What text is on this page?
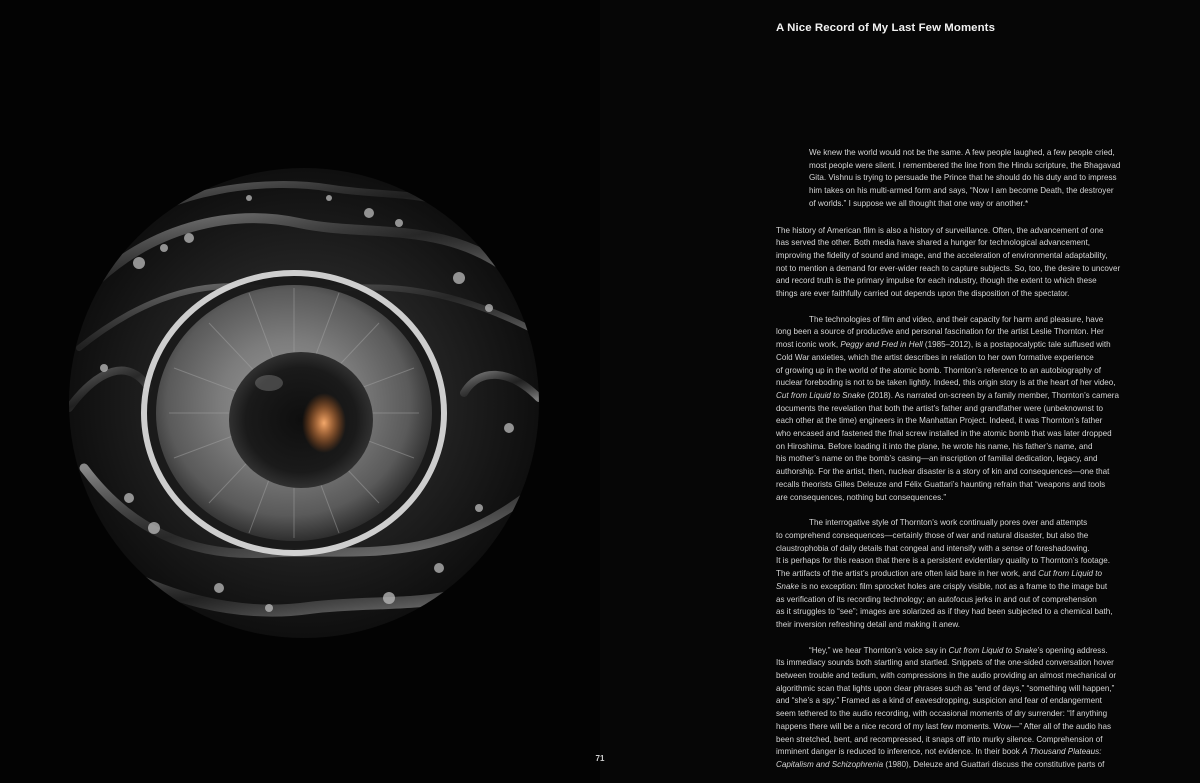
71
A Nice Record of My Last Few Moments

We knew the world would not be the same. A few people laughed, a few people cried,
most people were silent. I remembered the line from the Hindu scripture, the Bhagavad
Gita. Vishnu is trying to persuade the Prince that he should do his duty and to impress
him takes on his multi-armed form and says, “Now I am become Death, the destroyer
of worlds.” I suppose we all thought that one way or another.*

The history of American film is also a history of surveillance. Often, the advancement of one
has served the other. Both media have shared a hunger for technological advancement,
improving the fidelity of sound and image, and the acceleration of environmental adaptability,
not to mention a demand for ever-wider reach to capture subjects. So, too, the desire to uncover
and record truth is the primary impulse for each industry, though the extent to which these
things are ever faithfully carried out depends upon the disposition of the spectator.

The technologies of film and video, and their capacity for harm and pleasure, have
long been a source of productive and personal fascination for the artist Leslie Thornton. Her
most iconic work, Peggy and Fred in Hell (1985–2012), is a postapocalyptic tale suffused with
Cold War anxieties, which the artist describes in relation to her own formative experience
of growing up in the world of the atomic bomb. Thornton’s reference to an autobiography of
nuclear foreboding is not to be taken lightly. Indeed, this origin story is at the heart of her video,
Cut from Liquid to Snake (2018). As narrated on-screen by a family member, Thornton’s camera
documents the revelation that both the artist’s father and grandfather were (unbeknownst to
each other at the time) engineers in the Manhattan Project. Indeed, it was Thornton’s father
who encased and fastened the final screw installed in the atomic bomb that was later dropped
on Hiroshima. Before loading it into the plane, he wrote his name, his father’s name, and
his mother’s name on the bomb’s casing—an inscription of familial dedication, legacy, and
authorship. For the artist, then, nuclear disaster is a story of kin and consequences—one that
recalls theorists Gilles Deleuze and Félix Guattari’s haunting refrain that “weapons and tools
are consequences, nothing but consequences.”

The interrogative style of Thornton’s work continually pores over and attempts
to comprehend consequences—certainly those of war and natural disaster, but also the
claustrophobia of daily details that congeal and intensify with a sense of foreshadowing.
It is perhaps for this reason that there is a persistent evidentiary quality to Thornton’s footage.
The artifacts of the artist’s production are often laid bare in her work, and Cut from Liquid to
Snake is no exception: film sprocket holes are crisply visible, not as a frame to the image but
as verification of its recording technology; an autofocus jerks in and out of comprehension
as it struggles to “see”; images are solarized as if they had been subjected to a chemical bath,
their inversion refreshing detail and making it anew.

“Hey,” we hear Thornton’s voice say in Cut from Liquid to Snake’s opening address.
Its immediacy sounds both startling and startled. Snippets of the one-sided conversation hover
between trouble and tedium, with compressions in the audio providing an almost mechanical or
algorithmic scan that lights upon clear phrases such as “end of days,” “something will happen,”
and “she’s a spy.” Framed as a kind of eavesdropping, suspicion and fear of endangerment
seem tethered to the audio recording, with occasional moments of dry surrender: “If anything
happens there will be a nice record of my last few moments. Wow—” After all of the audio has
been stretched, bent, and recompressed, it snaps off into murky silence. Comprehension of
imminent danger is reduced to inference, not evidence. In their book A Thousand Plateaus:
Capitalism and Schizophrenia (1980), Deleuze and Guattari discuss the constitutive parts of
